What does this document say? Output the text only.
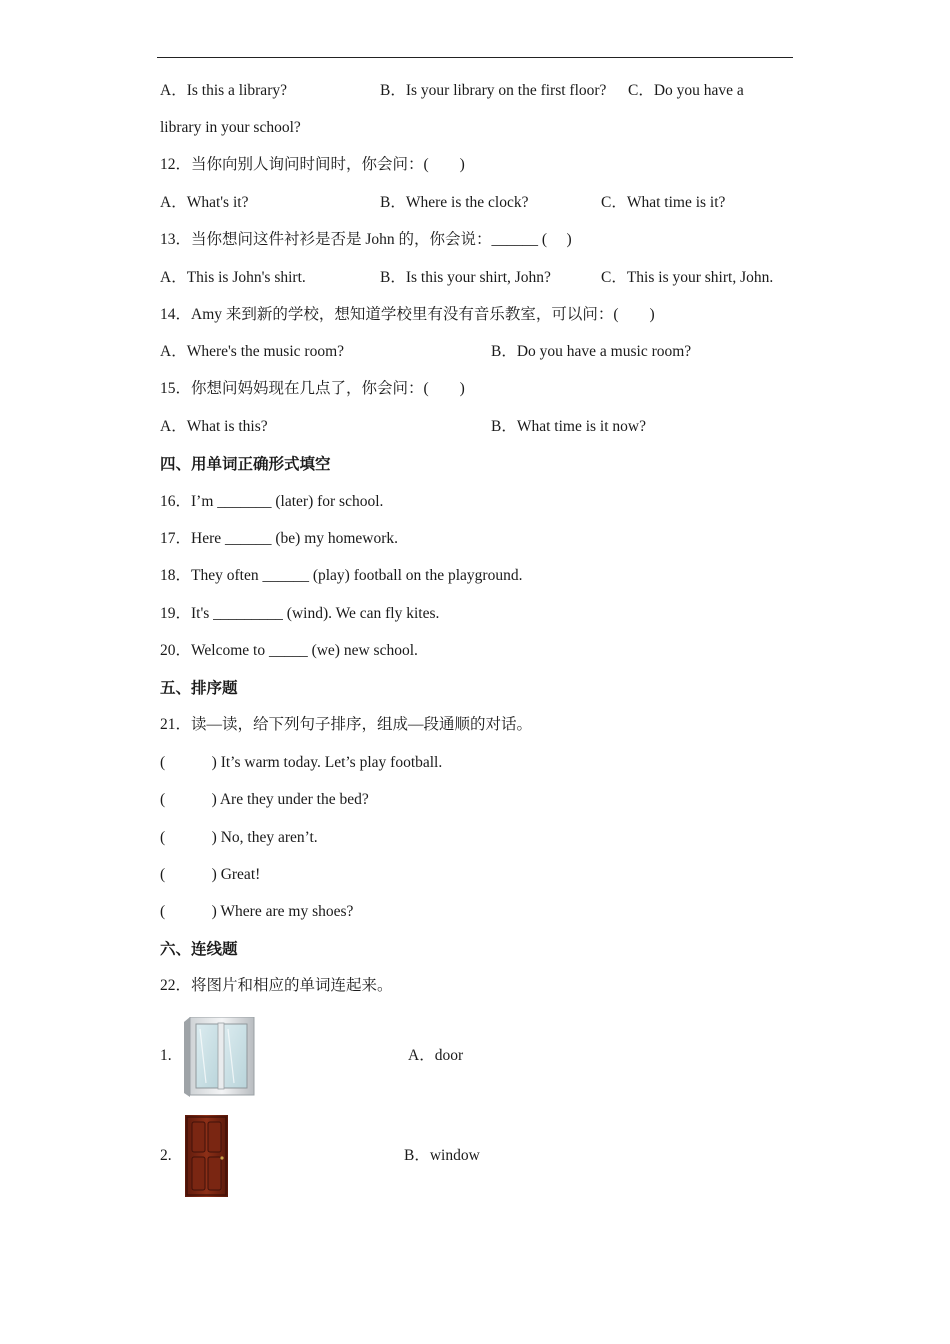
A．Is this a library?	B．Is your library on the first floor? C．Do you have a
library in your school?
12．当你向别人询问时间时，你会问：(　　)
A．What's it?	B．Where is the clock?	C．What time is it?
13．当你想问这件衬衫是否是 John 的，你会说：______ (　 )
A．This is John's shirt.	B．Is this your shirt, John?	C．This is your shirt, John.
14．Amy 来到新的学校，想知道学校里有没有音乐教室，可以问：(　　)
A．Where's the music room?	B．Do you have a music room?
15．你想问妈妈现在几点了，你会问：(　　)
A．What is this?	B．What time is it now?
四、用单词正确形式填空
16．I’m _______ (later) for school.
17．Here ______ (be) my homework.
18．They often ______ (play) football on the playground.
19．It's _________ (wind). We can fly kites.
20．Welcome to _____ (we) new school.
五、排序题
21．读—读，给下列句子排序，组成—段通顺的对话。
(　　　) It’s warm today. Let’s play football.
(　　　) Are they under the bed?
(　　　) No, they aren’t.
(　　　) Great!
(　　　) Where are my shoes?
六、连线题
22．将图片和相应的单词连起来。
1.	A．door
2.	B．window
